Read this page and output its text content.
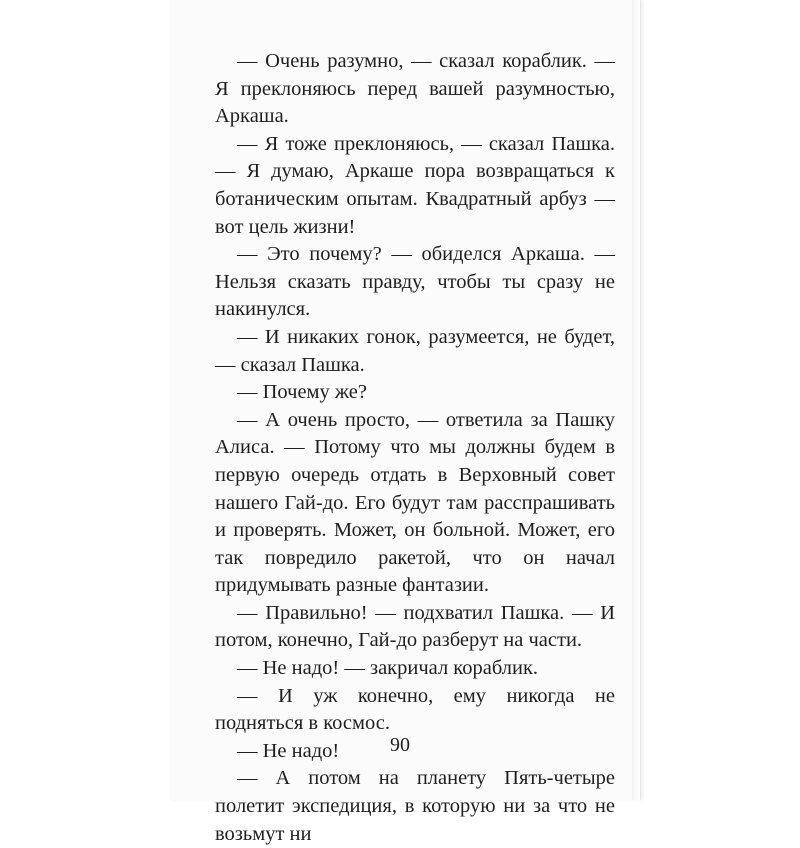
— Очень разумно, — сказал кораблик. — Я преклоняюсь перед вашей разумностью, Аркаша.

— Я тоже преклоняюсь, — сказал Пашка. — Я думаю, Аркаше пора возвращаться к ботаническим опытам. Квадратный арбуз — вот цель жизни!

— Это почему? — обиделся Аркаша. — Нельзя сказать правду, чтобы ты сразу не накинулся.

— И никаких гонок, разумеется, не будет, — сказал Пашка.

— Почему же?

— А очень просто, — ответила за Пашку Алиса. — Потому что мы должны будем в первую очередь отдать в Верховный совет нашего Гай-до. Его будут там расспрашивать и проверять. Может, он больной. Может, его так повредило ракетой, что он начал придумывать разные фантазии.

— Правильно! — подхватил Пашка. — И потом, конечно, Гай-до разберут на части.

— Не надо! — закричал кораблик.

— И уж конечно, ему никогда не подняться в космос.

— Не надо!

— А потом на планету Пять-четыре полетит экспедиция, в которую ни за что не возьмут ни

90
